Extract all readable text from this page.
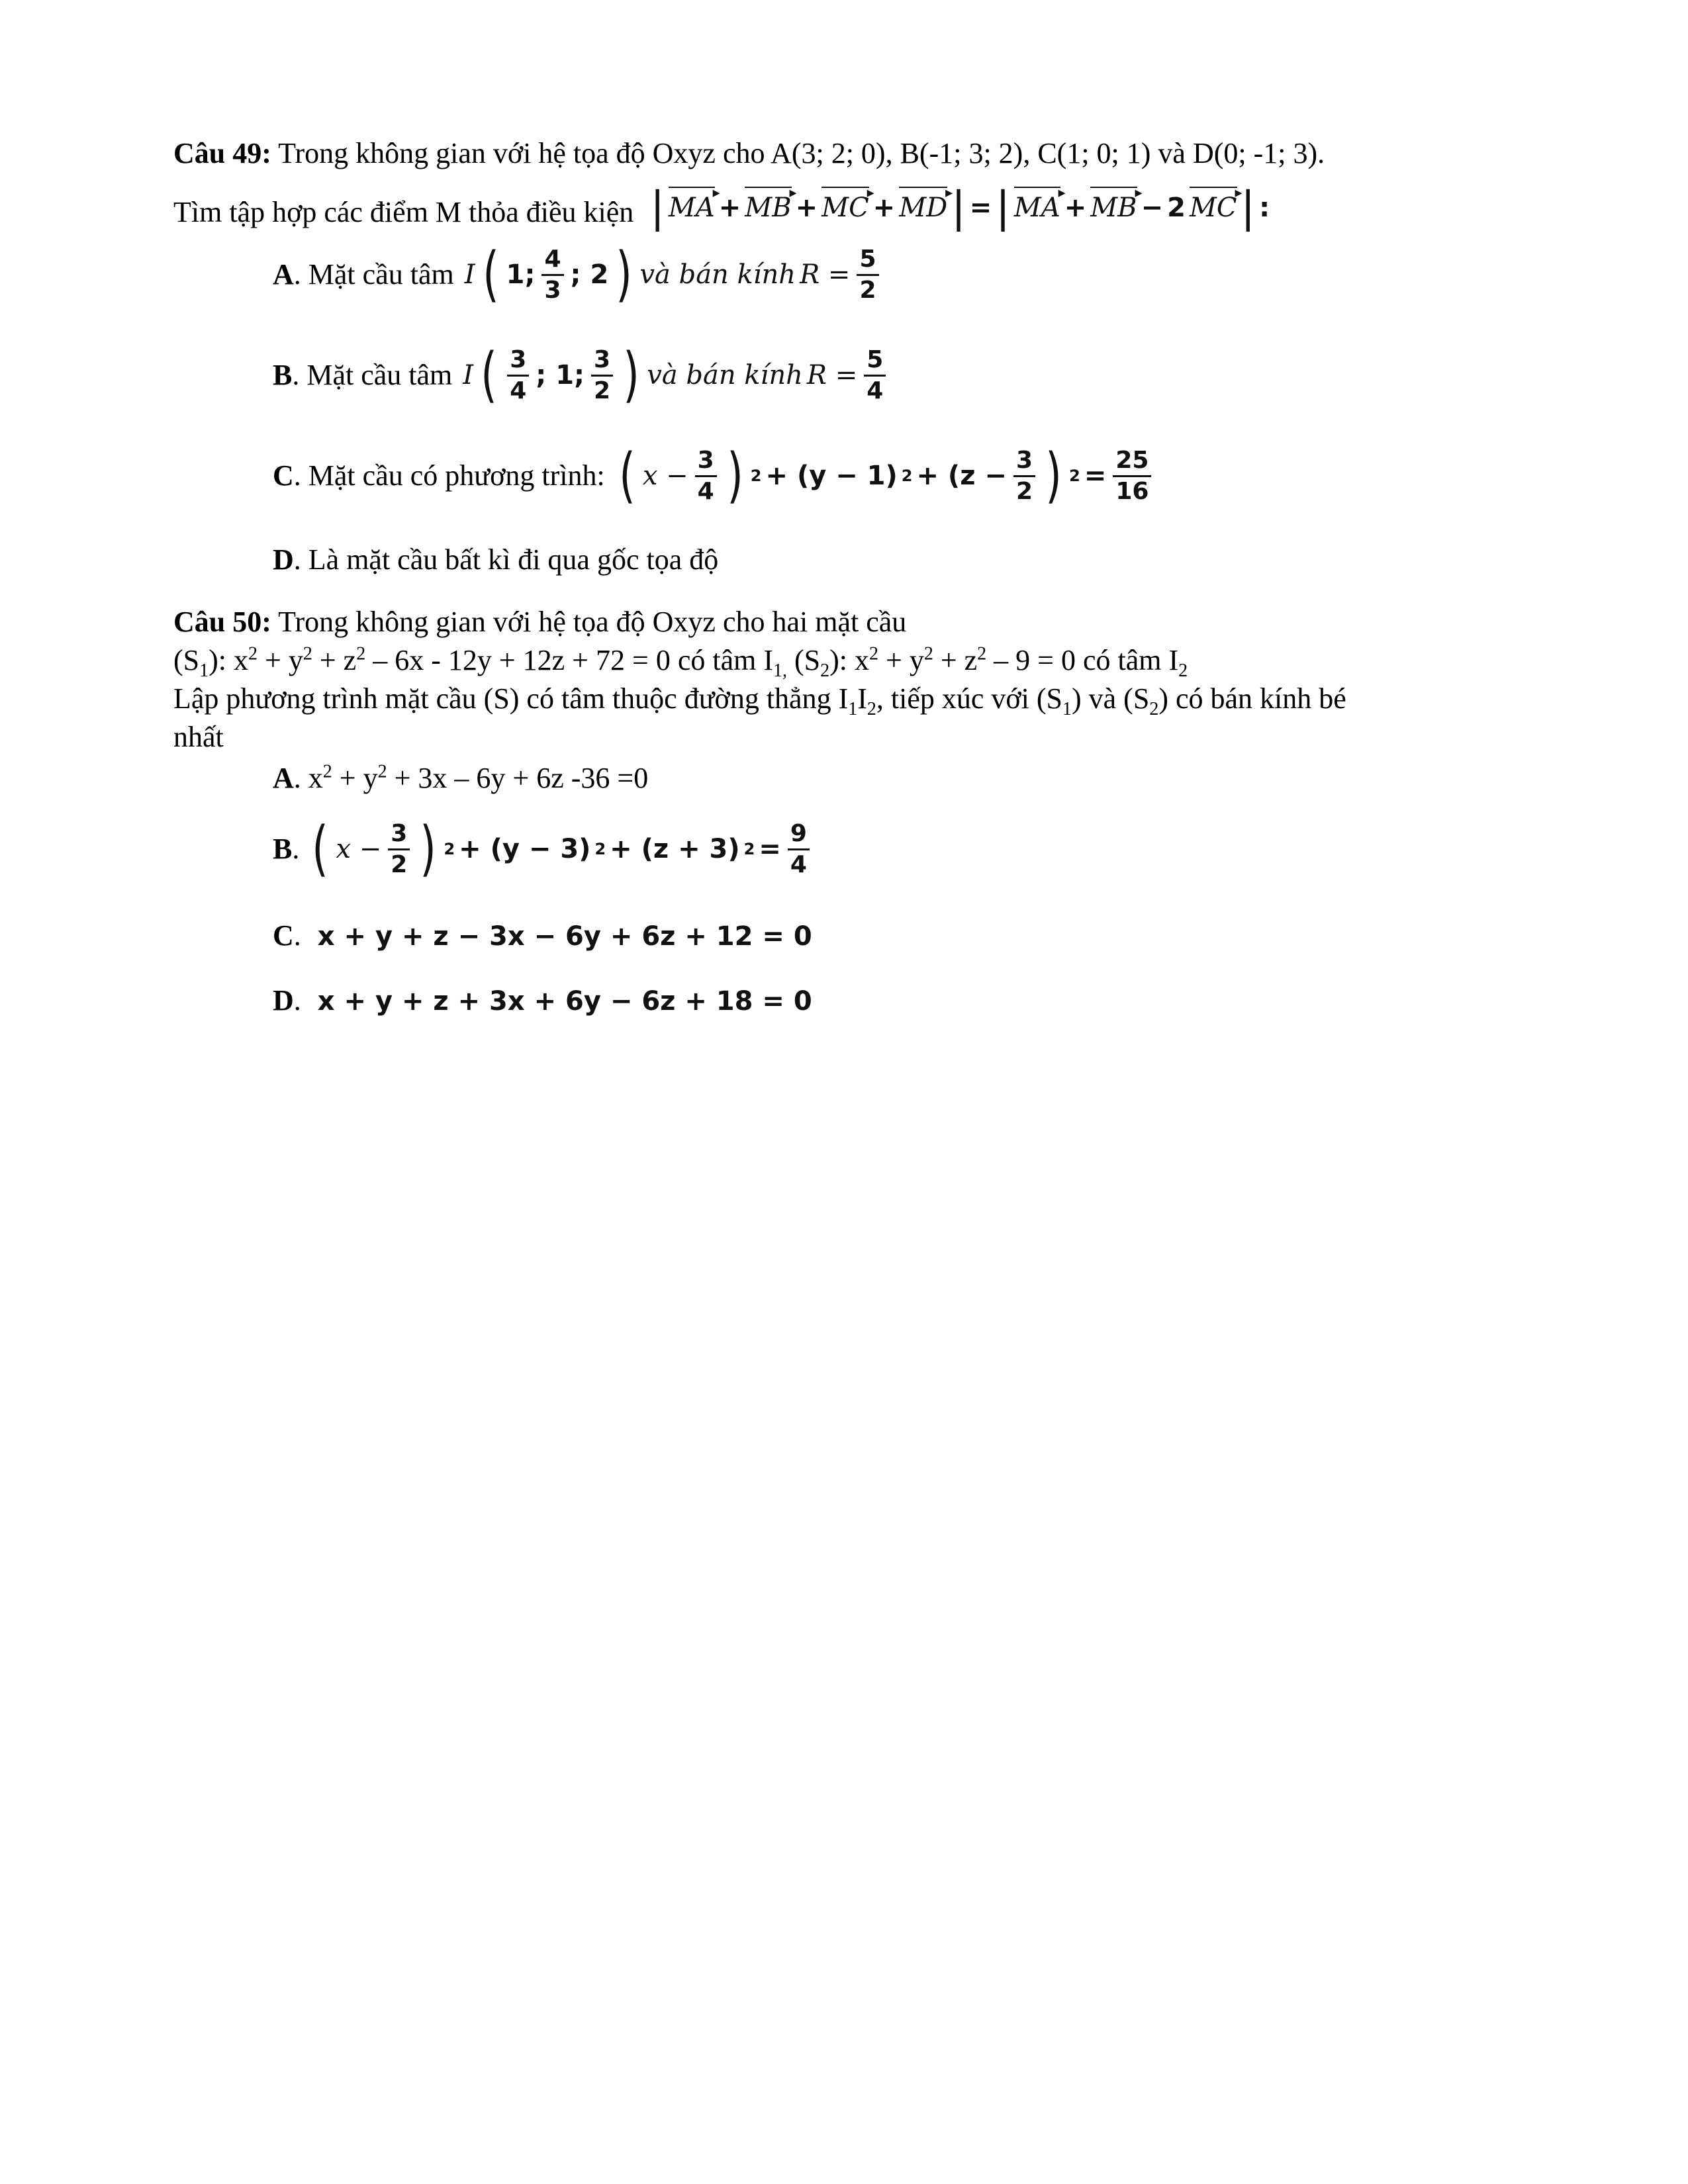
Câu 49: Trong không gian với hệ tọa độ Oxyz cho A(3; 2; 0), B(-1; 3; 2), C(1; 0; 1) và D(0; -1; 3).
Tìm tập hợp các điểm M thỏa điều kiện | ▸ MA + ▸ MB + ▸ MC + ▸ MD | = | ▸ MA + ▸ MB − 2 ▸ MC | :
A . Mặt cầu tâm I ( 1; $\frac{4}{3}$ ; 2 ) và bán kính $R = \frac{5}{2}$
B . Mặt cầu tâm I ( $\frac{3}{4}$ ; 1; $\frac{3}{2}$ ) và bán kính $R = \frac{5}{4}$
C . Mặt cầu có phương trình: ( $x - \frac{3}{4}$ ) 2 + (y − 1) $2 + (z - \frac{3}{2}$ ) $2 = \frac{25}{16}$
D. Là mặt cầu bất kì đi qua gốc tọa độ
Câu 50: Trong không gian với hệ tọa độ Oxyz cho hai mặt cầu
$(S_1)$: $x^2 + y^2 + z^2 - 6x - 12y + 12z + 72 = 0$ có tâm $I_{1,}$ $(S_2)$: $x^2 + y^2 + z^2 - 9 = 0$ có tâm $I_2$
Lập phương trình mặt cầu (S) có tâm thuộc đường thẳng $I_1I_2$, tiếp xúc với $(S_1)$ và $(S_2)$ có bán kính bé
nhất
A. $x^2 + y^2 + 3x - 6y + 6z$ -36 =0
B . ( $x - \frac{3}{2}$ ) 2 + (y − 3) 2 + (z + 3) $2 = \frac{9}{4}$
C. x + y + z − 3x − 6y + 6z + 12 = 0
D. x + y + z + 3x + 6y − 6z + 18 = 0
